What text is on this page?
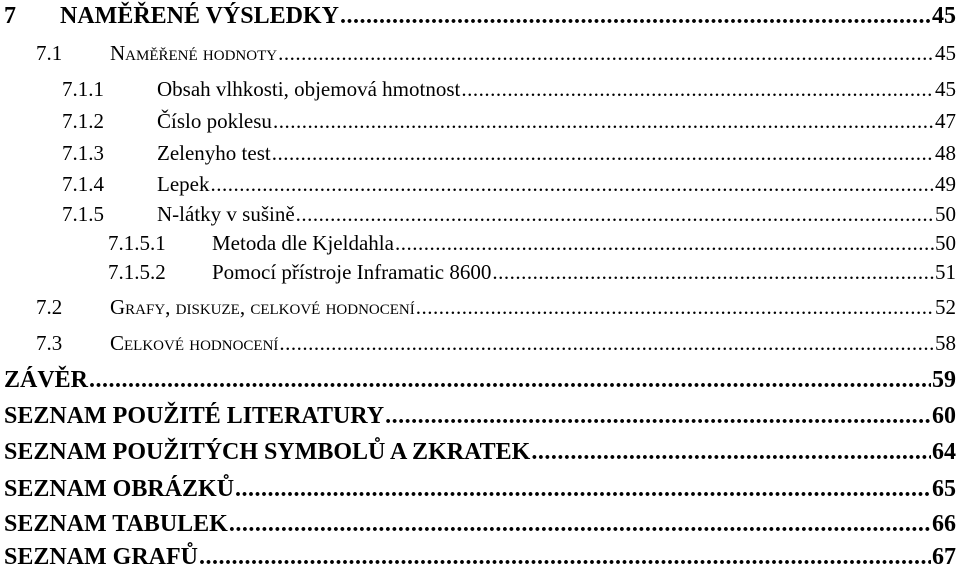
7	NAMĚŘENÉ VÝSLEDKY .....	45
7.1	Naměřené hodnoty .....	45
7.1.1	Obsah vlhkosti, objemová hmotnost .....	45
7.1.2	Číslo poklesu .....	47
7.1.3	Zelenyho test .....	48
7.1.4	Lepek .....	49
7.1.5	N-látky v sušině .....	50
7.1.5.1	Metoda dle Kjeldahla .....	50
7.1.5.2	Pomocí přístroje Inframatic 8600 .....	51
7.2	Grafy, diskuze, celkové hodnocení .....	52
7.3	Celkové hodnocení .....	58
ZÁVĚR .....	59
SEZNAM POUŽITÉ LITERATURY .....	60
SEZNAM POUŽITÝCH SYMBOLŮ A ZKRATEK .....	64
SEZNAM OBRÁZKŮ .....	65
SEZNAM TABULEK .....	66
SEZNAM GRAFŮ .....	67
